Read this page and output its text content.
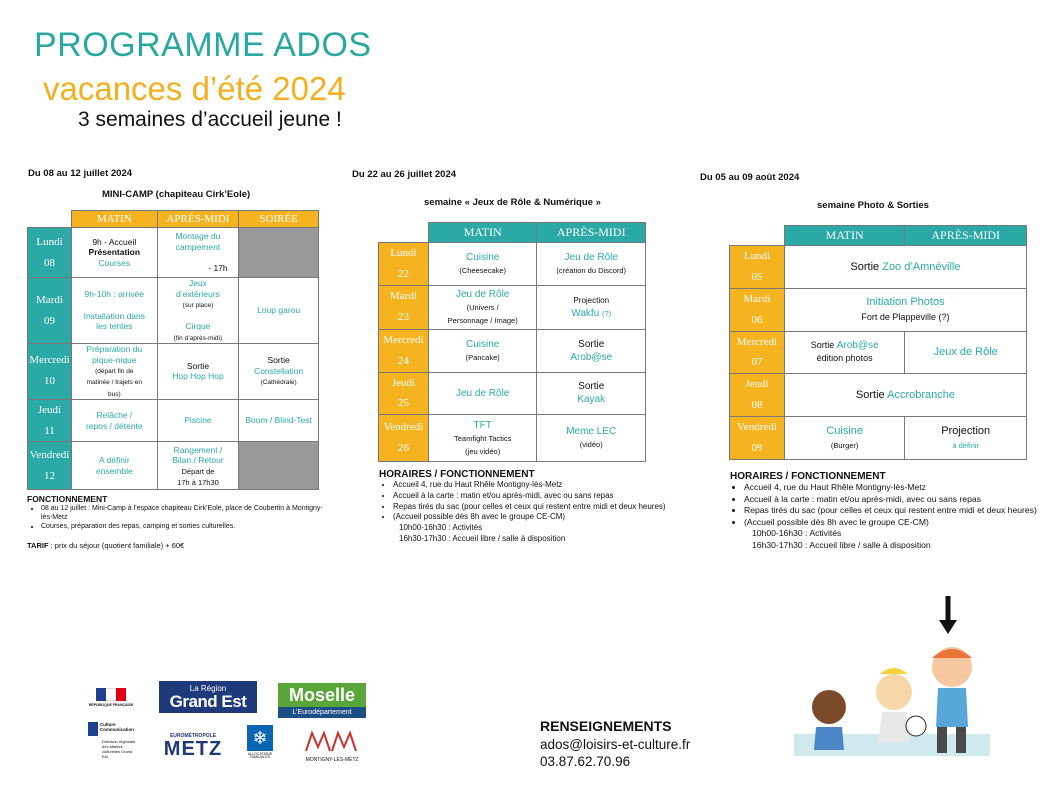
PROGRAMME ADOS
vacances d’été 2024
3 semaines d’accueil jeune !
Du 08 au 12 juillet 2024
MINI-CAMP (chapiteau Cirk’Eole)
	MATIN	APRÈS-MIDI	SOIRÉE
Lundi
08	9h - Accueil
Présentation
Courses	Montage du
campement

- 17h	
Mardi
09	9h-10h : arrivée

Installation dans
les tentes	Jeux
d’extérieurs
(sur place)

Cirque
(fin d’après-midi)	Loup garou
Mercredi
10	Préparation du
pique-nique
(départ fin de
matinée / trajets en
bus)	Sortie
Hop Hop Hop	Sortie
Constellation
(Cathédrale)
Jeudi
11	Relâche /
repos / détente	Piscine	Boom / Blind-Test
Vendredi
12	A définir
ensemble	Rangement /
Bilan / Retour
Départ de
17h à 17h30	
FONCTIONNEMENT
• 08 au 12 juillet : Mini-Camp à l’espace chapiteau Cirk’Eole, place de Coubertin à Montigny-lès-Metz
• Courses, préparation des repas, camping et sorties culturelles.
TARIF : prix du séjour (quotient familiale) + 60€
Du 22 au 26 juillet 2024
semaine « Jeux de Rôle & Numérique »
	MATIN	APRÈS-MIDI
Lundi
22	Cuisine
(Cheesecake)	Jeu de Rôle
(création du Discord)
Mardi
23	Jeu de Rôle
(Univers /
Personnage / Image)	Projection
Wakfu (?)
Mercredi
24	Cuisine
(Pancake)	Sortie
Arob@se
Jeudi
25	Jeu de Rôle	Sortie
Kayak
Vendredi
26	TFT
Teamfight Tactics
(jeu vidéo)	Meme LEC
(vidéo)
HORAIRES / FONCTIONNEMENT
• Accueil 4, rue du Haut Rhêle Montigny-lès-Metz
• Accueil à la carte : matin et/ou après-midi, avec ou sans repas
• Repas tirés du sac (pour celles et ceux qui restent entre midi et deux heures)
• (Accueil possible dès 8h avec le groupe CE-CM)
10h00-16h30 : Activités
16h30-17h30 : Accueil libre / salle à disposition
Du 05 au 09 août 2024
semaine Photo & Sorties
	MATIN	APRÈS-MIDI
Lundi
05	Sortie Zoo d’Amnéville	
Mardi
06	Initiation Photos
Fort de Plappeville (?)	
Mercredi
07	Sortie Arob@se
édition photos	Jeux de Rôle
Jeudi
08	Sortie Accrobranche	
Vendredi
09	Cuisine
(Burger)	Projection
à définir
HORAIRES / FONCTIONNEMENT
• Accueil 4, rue du Haut Rhêle Montigny-lès-Metz
• Accueil à la carte : matin et/ou après-midi, avec ou sans repas
• Repas tirés du sac (pour celles et ceux qui restent entre midi et deux heures)
• (Accueil possible dès 8h avec le groupe CE-CM)
10h00-16h30 : Activités
16h30-17h30 : Accueil libre / salle à disposition
RÉPUBLIQUE FRANÇAISE
La Région
Grand Est	Moselle
L’Eurodépartement
Culture Communication
Direction régionale des affaires culturelles Grand Est
EUROMÉTROPOLE
METZ	❄
ALLOCATIONS FAMILIALES	MONTIGNY-LÈS-METZ
RENSEIGNEMENTS
ados@loisirs-et-culture.fr
03.87.62.70.96
